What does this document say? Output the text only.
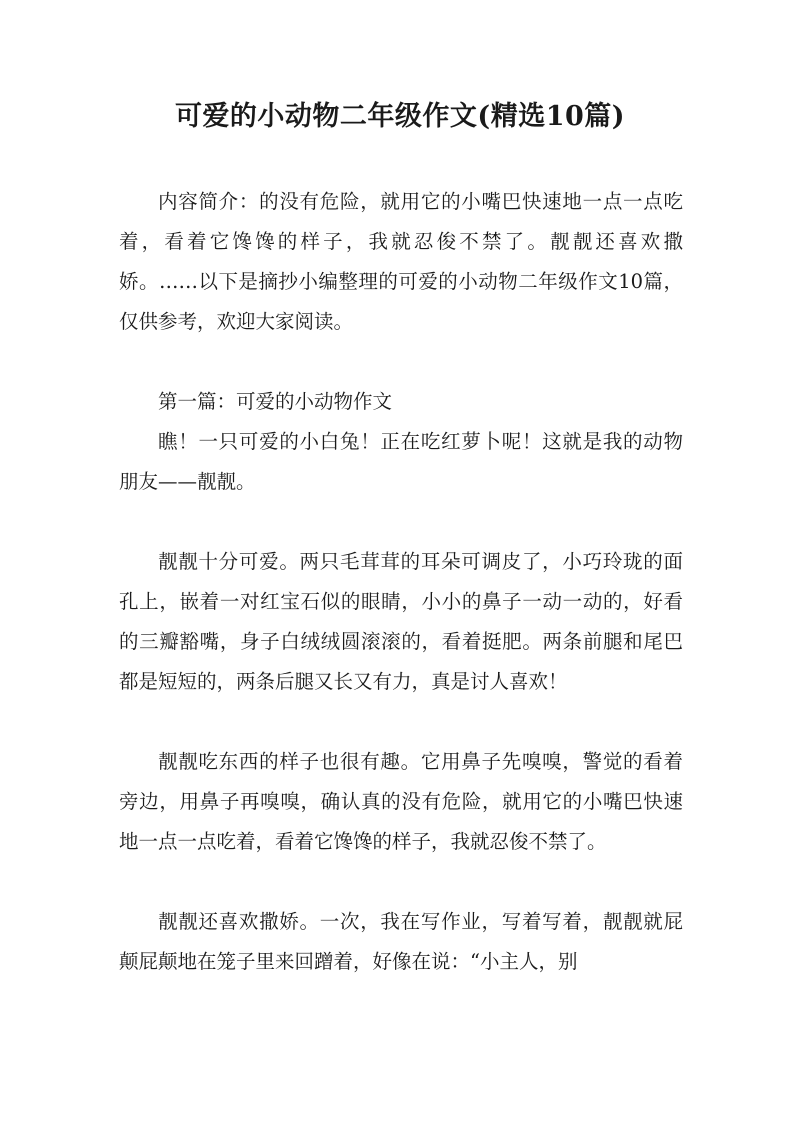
可爱的小动物二年级作文(精选10篇)

内容简介：的没有危险，就用它的小嘴巴快速地一点一点吃着，看着它馋馋的样子，我就忍俊不禁了。靓靓还喜欢撒娇。……以下是摘抄小编整理的可爱的小动物二年级作文10篇，仅供参考，欢迎大家阅读。

第一篇：可爱的小动物作文

瞧！一只可爱的小白兔！正在吃红萝卜呢！这就是我的动物朋友——靓靓。

靓靓十分可爱。两只毛茸茸的耳朵可调皮了，小巧玲珑的面孔上，嵌着一对红宝石似的眼睛，小小的鼻子一动一动的，好看的三瓣豁嘴，身子白绒绒圆滚滚的，看着挺肥。两条前腿和尾巴都是短短的，两条后腿又长又有力，真是讨人喜欢！

靓靓吃东西的样子也很有趣。它用鼻子先嗅嗅，警觉的看着旁边，用鼻子再嗅嗅，确认真的没有危险，就用它的小嘴巴快速地一点一点吃着，看着它馋馋的样子，我就忍俊不禁了。

靓靓还喜欢撒娇。一次，我在写作业，写着写着，靓靓就屁颠屁颠地在笼子里来回蹭着，好像在说：“小主人，别
